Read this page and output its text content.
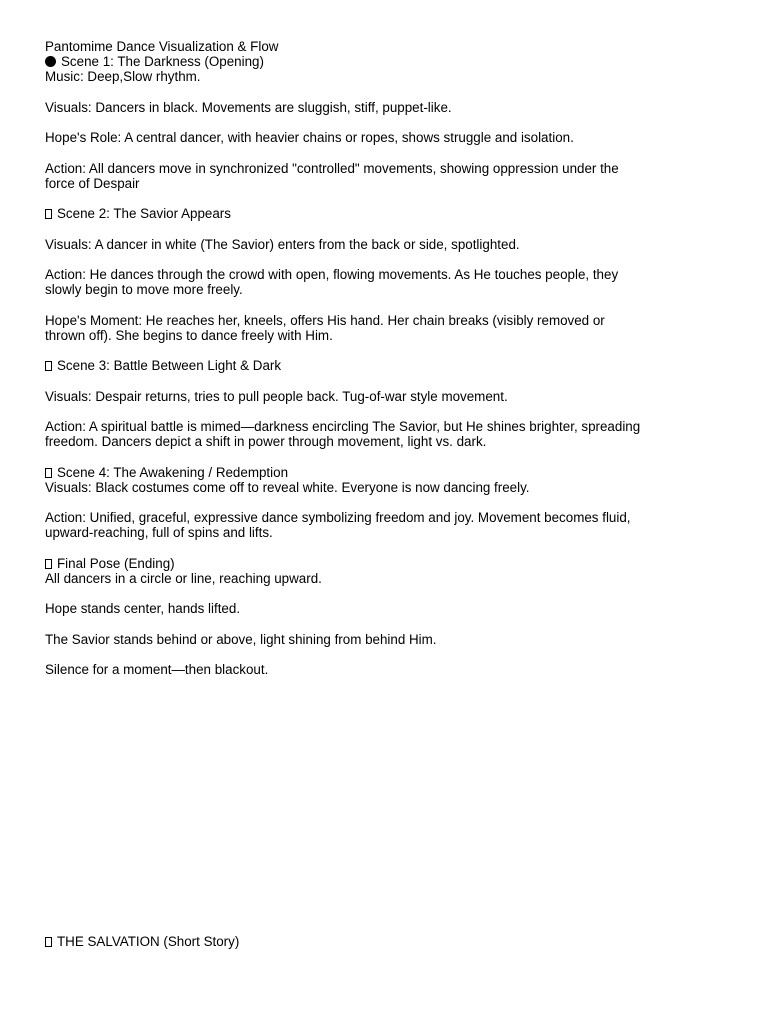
Pantomime Dance Visualization & Flow
Scene 1: The Darkness (Opening)
Music: Deep,Slow rhythm.
Visuals: Dancers in black. Movements are sluggish, stiff, puppet-like.
Hope's Role: A central dancer, with heavier chains or ropes, shows struggle and isolation.
Action: All dancers move in synchronized "controlled" movements, showing oppression under the
force of Despair
Scene 2: The Savior Appears
Visuals: A dancer in white (The Savior) enters from the back or side, spotlighted.
Action: He dances through the crowd with open, flowing movements. As He touches people, they
slowly begin to move more freely.
Hope's Moment: He reaches her, kneels, offers His hand. Her chain breaks (visibly removed or
thrown off). She begins to dance freely with Him.
Scene 3: Battle Between Light & Dark
Visuals: Despair returns, tries to pull people back. Tug-of-war style movement.
Action: A spiritual battle is mimed—darkness encircling The Savior, but He shines brighter, spreading
freedom. Dancers depict a shift in power through movement, light vs. dark.
Scene 4: The Awakening / Redemption
Visuals: Black costumes come off to reveal white. Everyone is now dancing freely.
Action: Unified, graceful, expressive dance symbolizing freedom and joy. Movement becomes fluid,
upward-reaching, full of spins and lifts.
Final Pose (Ending)
All dancers in a circle or line, reaching upward.
Hope stands center, hands lifted.
The Savior stands behind or above, light shining from behind Him.
Silence for a moment—then blackout.
THE SALVATION (Short Story)
